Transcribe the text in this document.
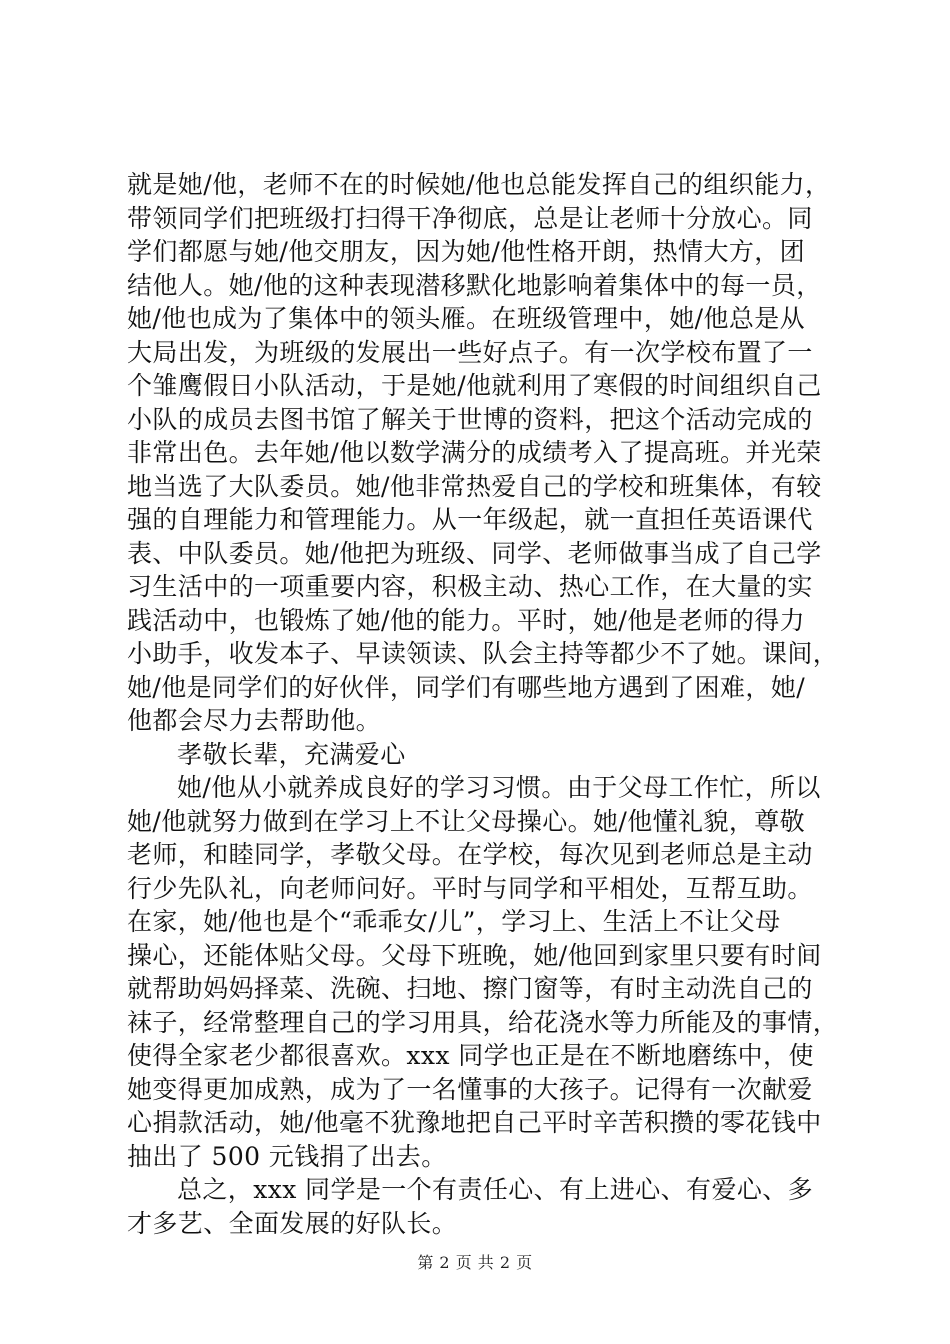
就是她/他，老师不在的时候她/他也总能发挥自己的组织能力，
带领同学们把班级打扫得干净彻底，总是让老师十分放心。同
学们都愿与她/他交朋友，因为她/他性格开朗，热情大方，团
结他人。她/他的这种表现潜移默化地影响着集体中的每一员，
她/他也成为了集体中的领头雁。在班级管理中，她/他总是从
大局出发，为班级的发展出一些好点子。有一次学校布置了一
个雏鹰假日小队活动，于是她/他就利用了寒假的时间组织自己
小队的成员去图书馆了解关于世博的资料，把这个活动完成的
非常出色。去年她/他以数学满分的成绩考入了提高班。并光荣
地当选了大队委员。她/他非常热爱自己的学校和班集体，有较
强的自理能力和管理能力。从一年级起，就一直担任英语课代
表、中队委员。她/他把为班级、同学、老师做事当成了自己学
习生活中的一项重要内容，积极主动、热心工作，在大量的实
践活动中，也锻炼了她/他的能力。平时，她/他是老师的得力
小助手，收发本子、早读领读、队会主持等都少不了她。课间，
她/他是同学们的好伙伴，同学们有哪些地方遇到了困难，她/
他都会尽力去帮助他。
孝敬长辈，充满爱心
她/他从小就养成良好的学习习惯。由于父母工作忙，所以
她/他就努力做到在学习上不让父母操心。她/他懂礼貌，尊敬
老师，和睦同学，孝敬父母。在学校，每次见到老师总是主动
行少先队礼，向老师问好。平时与同学和平相处，互帮互助。
在家，她/他也是个“乖乖女/儿”，学习上、生活上不让父母
操心，还能体贴父母。父母下班晚，她/他回到家里只要有时间
就帮助妈妈择菜、洗碗、扫地、擦门窗等，有时主动洗自己的
袜子，经常整理自己的学习用具，给花浇水等力所能及的事情，
使得全家老少都很喜欢。xxx 同学也正是在不断地磨练中，使
她变得更加成熟，成为了一名懂事的大孩子。记得有一次献爱
心捐款活动，她/他毫不犹豫地把自己平时辛苦积攒的零花钱中
抽出了 500 元钱捐了出去。
总之，xxx 同学是一个有责任心、有上进心、有爱心、多
才多艺、全面发展的好队长。
第 2 页 共 2 页
